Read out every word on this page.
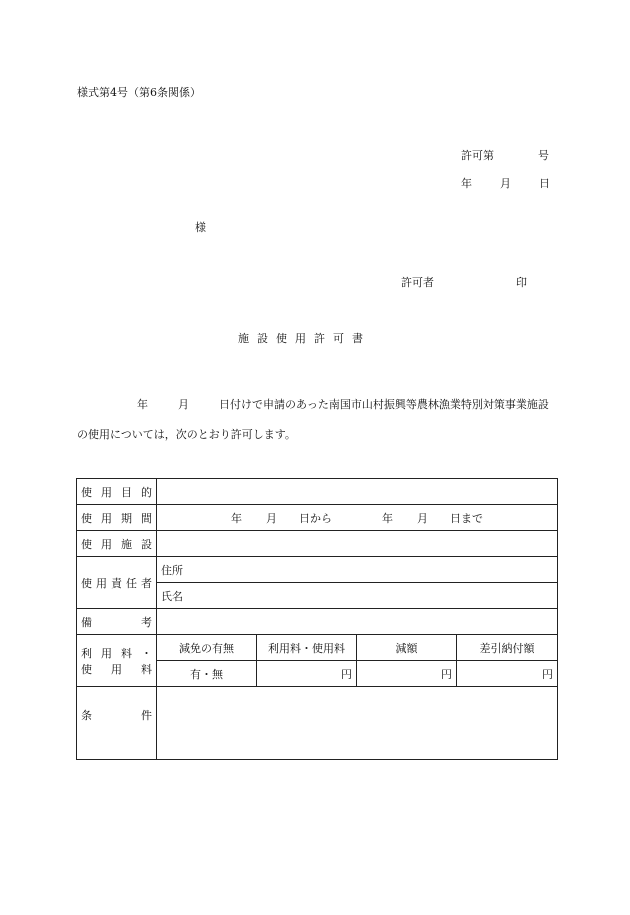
様式第4号（第6条関係）
許可第	号
年	月	日
様
許可者	印
施設使用許可書
年	月	日付けで申請のあった南国市山村振興等農林漁業特別対策事業施設の使用については，次のとおり許可します。
使用目的				
使用期間	年 月 日から 年 月 日まで			
使用施設				
使用責任者	住所			
	氏名			
備考				

利用料・
使用料	減免の有無	利用料・使用料	減額	差引納付額
	有・無	円	円	円
条件				
